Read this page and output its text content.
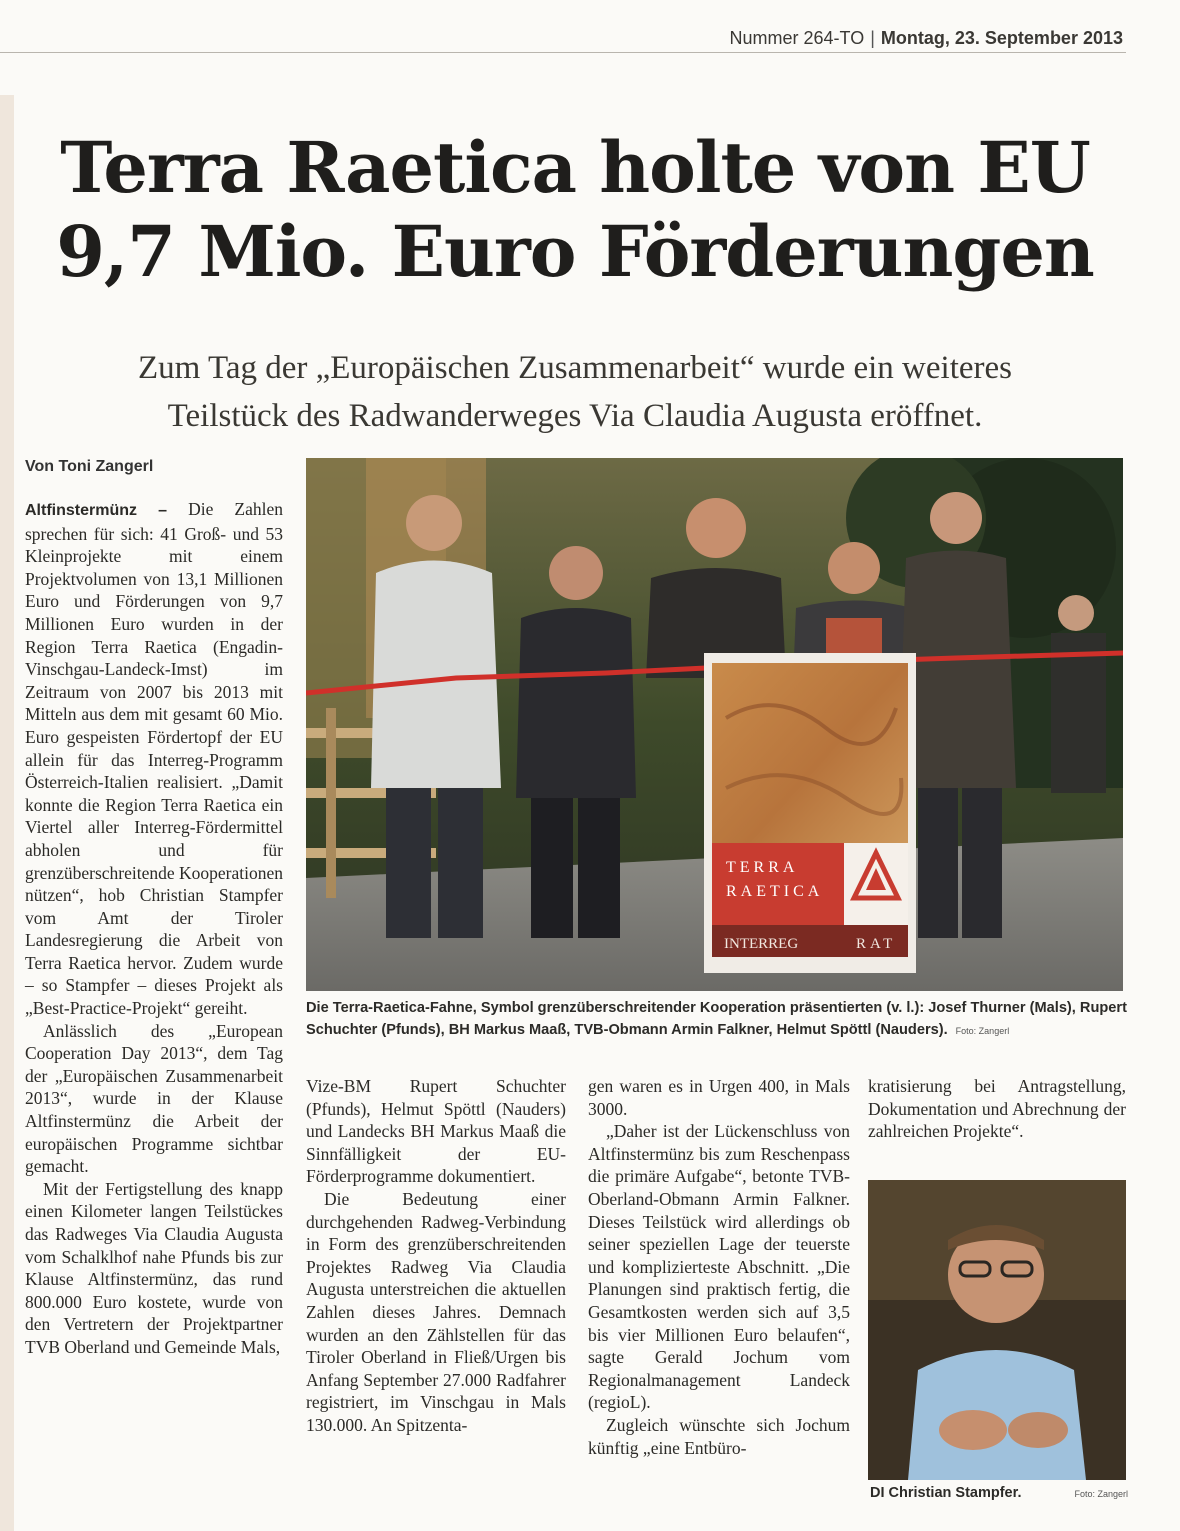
Nummer 264-TO | Montag, 23. September 2013
Terra Raetica holte von EU
9,7 Mio. Euro Förderungen
Zum Tag der „Europäischen Zusammenarbeit“ wurde ein weiteres
Teilstück des Radwanderweges Via Claudia Augusta eröffnet.
Von Toni Zangerl

Altfinstermünz – Die Zahlen sprechen für sich: 41 Groß- und 53 Kleinprojekte mit einem Projektvolumen von 13,1 Millionen Euro und Förderungen von 9,7 Millionen Euro wurden in der Region Terra Raetica (Engadin-Vinschgau-Landeck-Imst) im Zeitraum von 2007 bis 2013 mit Mitteln aus dem mit gesamt 60 Mio. Euro gespeisten Fördertopf der EU allein für das Interreg-Programm Österreich-Italien realisiert. „Damit konnte die Region Terra Raetica ein Viertel aller Interreg-Fördermittel abholen und für grenzüberschreitende Kooperationen nützen“, hob Christian Stampfer vom Amt der Tiroler Landesregierung die Arbeit von Terra Raetica hervor. Zudem wurde – so Stampfer – dieses Projekt als „Best-Practice-Projekt“ gereiht.

Anlässlich des „European Cooperation Day 2013“, dem Tag der „Europäischen Zusammenarbeit 2013“, wurde in der Klause Altfinstermünz die Arbeit der europäischen Programme sichtbar gemacht.

Mit der Fertigstellung des knapp einen Kilometer langen Teilstückes das Radweges Via Claudia Augusta vom Schalklhof nahe Pfunds bis zur Klause Altfinstermünz, das rund 800.000 Euro kostete, wurde von den Vertretern der Projektpartner TVB Oberland und Gemeinde Mals,

TERRA
RAETICA
INTERREG	RAT
Die Terra-Raetica-Fahne, Symbol grenzüberschreitender Kooperation präsentierten (v. l.): Josef Thurner (Mals), Rupert Schuchter (Pfunds), BH Markus Maaß, TVB-Obmann Armin Falkner, Helmut Spöttl (Nauders). Foto: Zangerl

Vize-BM Rupert Schuchter (Pfunds), Helmut Spöttl (Nauders) und Landecks BH Markus Maaß die Sinnfälligkeit der EU-Förderprogramme dokumentiert.

Die Bedeutung einer durchgehenden Radweg-Verbindung in Form des grenzüberschreitenden Projektes Radweg Via Claudia Augusta unterstreichen die aktuellen Zahlen dieses Jahres. Demnach wurden an den Zählstellen für das Tiroler Oberland in Fließ/Urgen bis Anfang September 27.000 Radfahrer registriert, im Vinschgau in Mals 130.000. An Spitzenta-

gen waren es in Urgen 400, in Mals 3000.

„Daher ist der Lückenschluss von Altfinstermünz bis zum Reschenpass die primäre Aufgabe“, betonte TVB-Oberland-Obmann Armin Falkner. Dieses Teilstück wird allerdings ob seiner speziellen Lage der teuerste und komplizierteste Abschnitt. „Die Planungen sind praktisch fertig, die Gesamtkosten werden sich auf 3,5 bis vier Millionen Euro belaufen“, sagte Gerald Jochum vom Regionalmanagement Landeck (regioL).

Zugleich wünschte sich Jochum künftig „eine Entbüro-

kratisierung bei Antragstellung, Dokumentation und Abrechnung der zahlreichen Projekte“.

DI Christian Stampfer.	Foto: Zangerl
